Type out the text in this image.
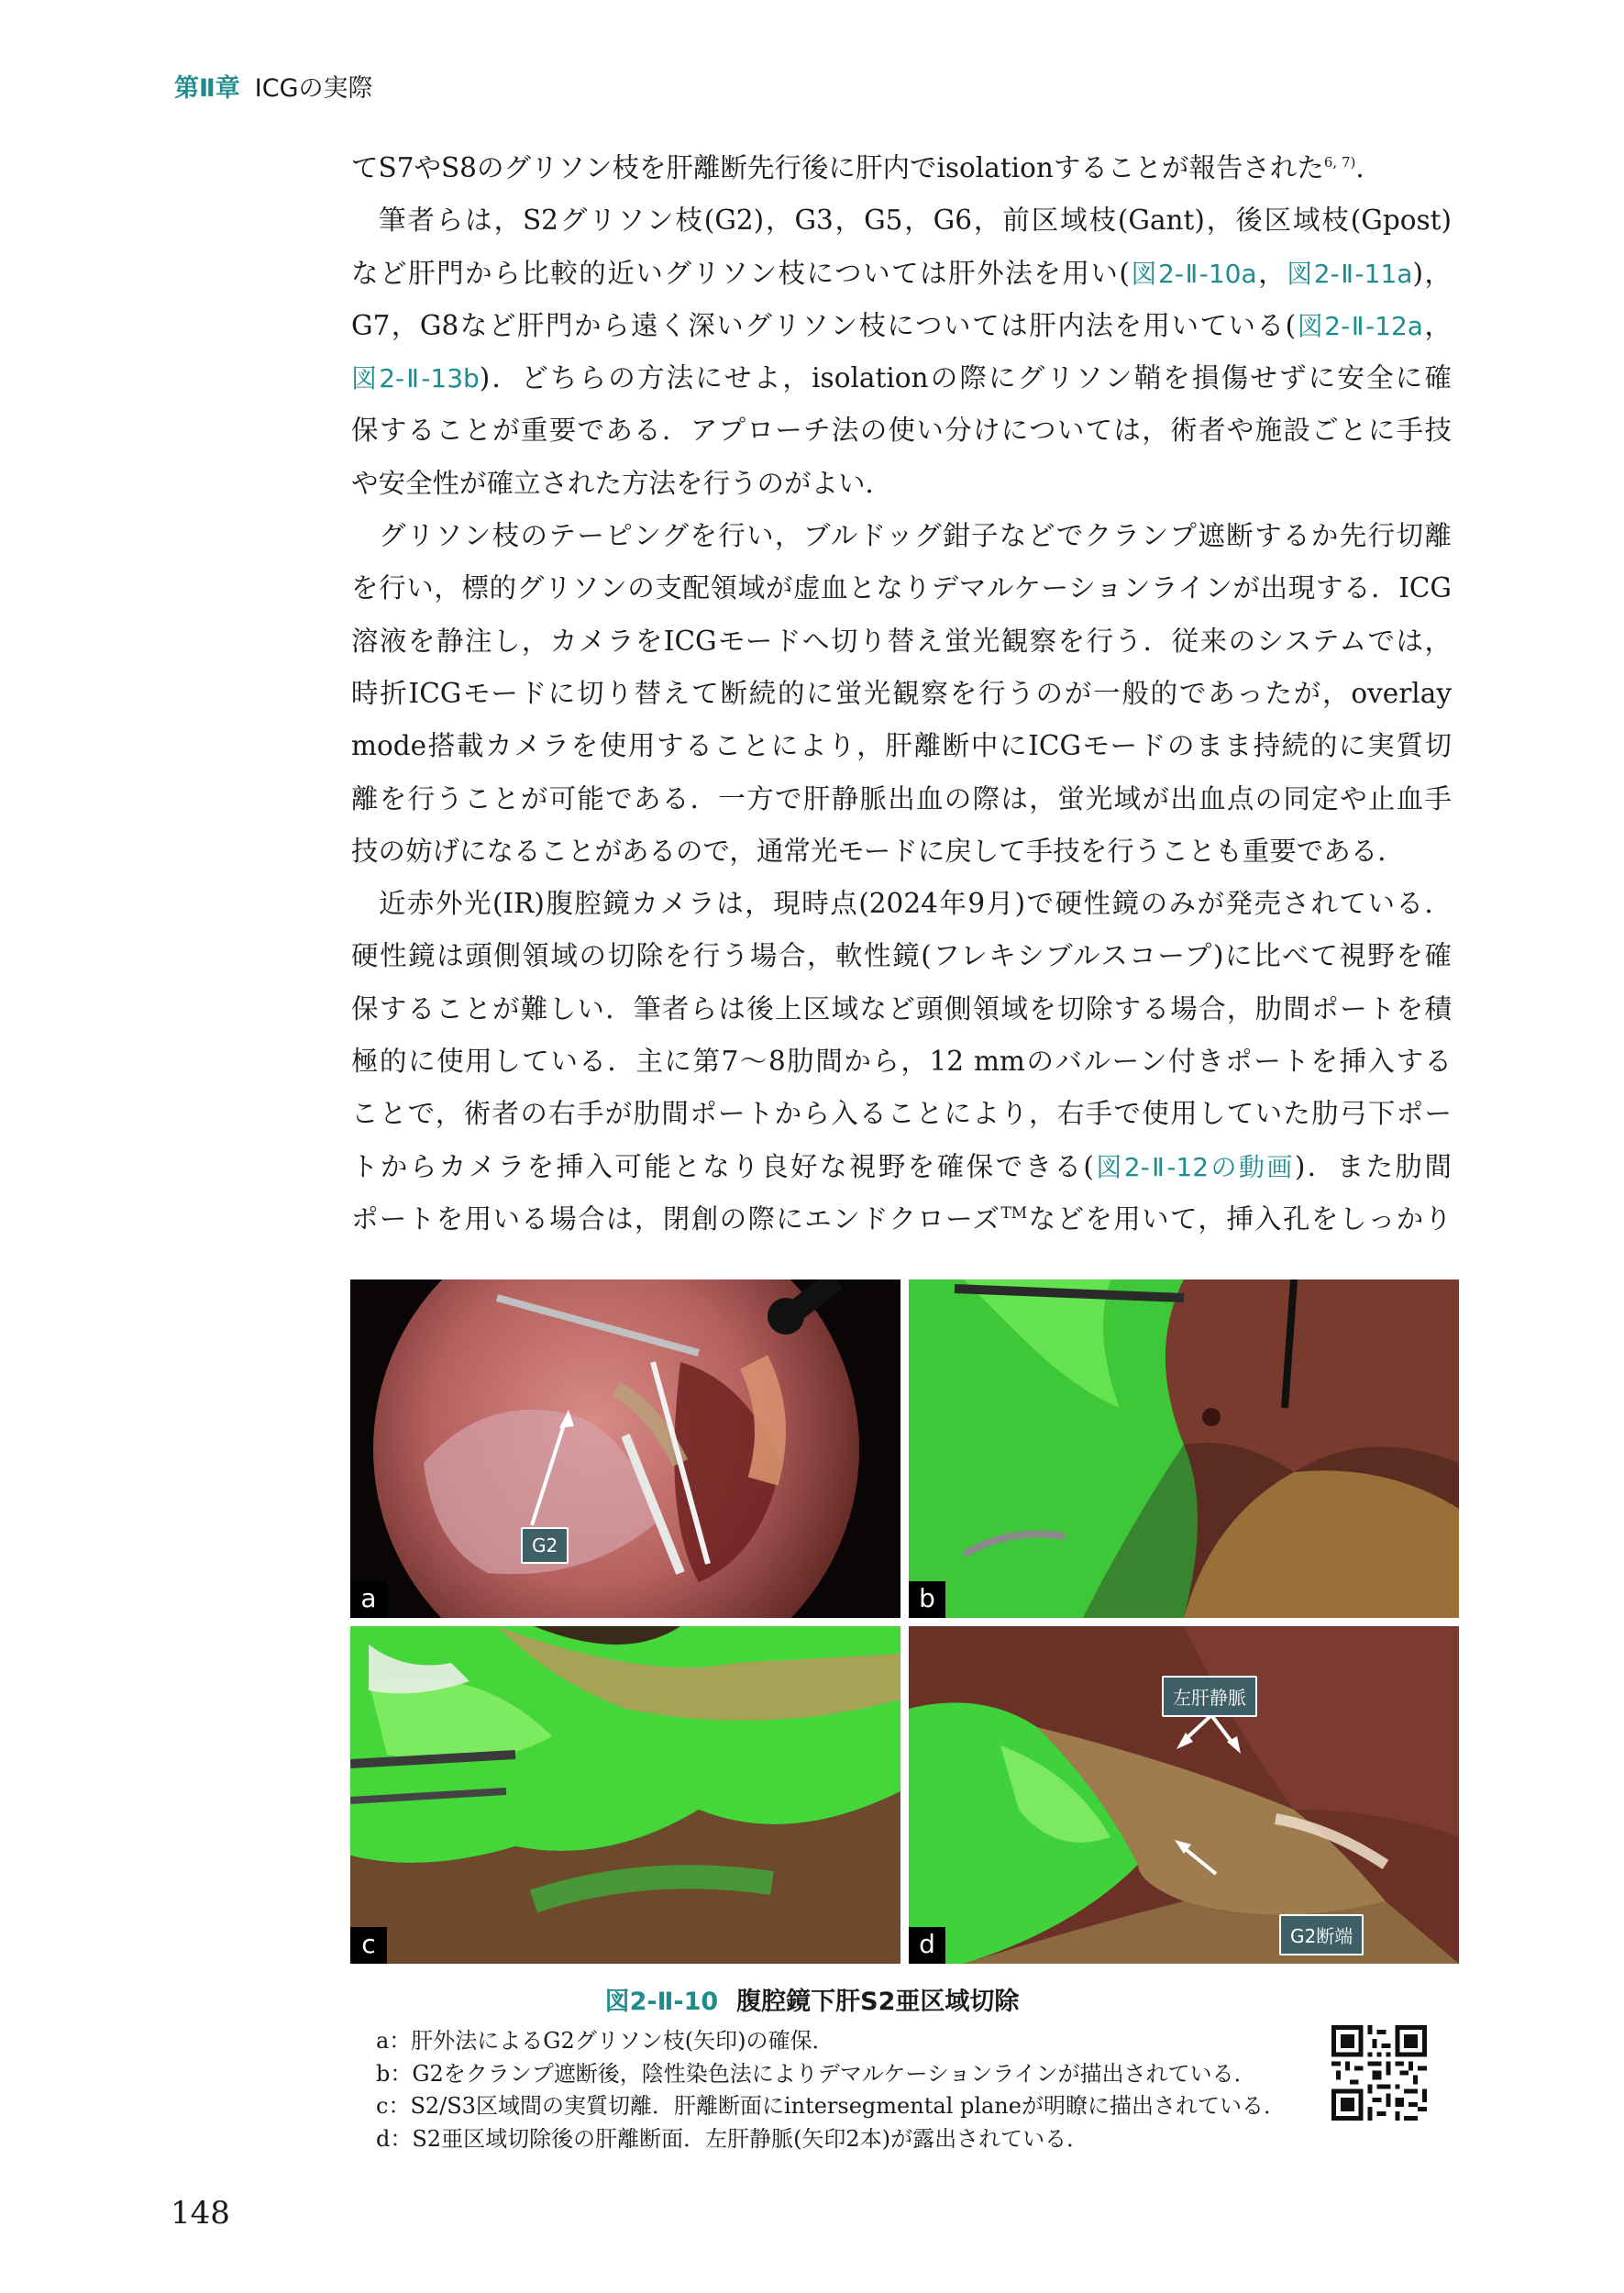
第Ⅱ章 ICGの実際

てS7やS8のグリソン枝を肝離断先行後に肝内でisolationすることが報告された$^{6, 7)}$.

筆者らは，S2グリソン枝(G2)，G3，G5，G6，前区域枝(Gant)，後区域枝(Gpost)

など肝門から比較的近いグリソン枝については肝外法を用い(図2-Ⅱ-10a，図2-Ⅱ-11a)，

G7，G8など肝門から遠く深いグリソン枝については肝内法を用いている(図2-Ⅱ-12a，

図2-Ⅱ-13b)．どちらの方法にせよ，isolationの際にグリソン鞘を損傷せずに安全に確

保することが重要である．アプローチ法の使い分けについては，術者や施設ごとに手技

や安全性が確立された方法を行うのがよい．

グリソン枝のテーピングを行い，ブルドッグ鉗子などでクランプ遮断するか先行切離

を行い，標的グリソンの支配領域が虚血となりデマルケーションラインが出現する．ICG

溶液を静注し，カメラをICGモードへ切り替え蛍光観察を行う．従来のシステムでは，

時折ICGモードに切り替えて断続的に蛍光観察を行うのが一般的であったが，overlay

mode搭載カメラを使用することにより，肝離断中にICGモードのまま持続的に実質切

離を行うことが可能である．一方で肝静脈出血の際は，蛍光域が出血点の同定や止血手

技の妨げになることがあるので，通常光モードに戻して手技を行うことも重要である．

近赤外光(IR)腹腔鏡カメラは，現時点(2024年9月)で硬性鏡のみが発売されている．

硬性鏡は頭側領域の切除を行う場合，軟性鏡(フレキシブルスコープ)に比べて視野を確

保することが難しい．筆者らは後上区域など頭側領域を切除する場合，肋間ポートを積

極的に使用している．主に第7～8肋間から，12 mmのバルーン付きポートを挿入する

ことで，術者の右手が肋間ポートから入ることにより，右手で使用していた肋弓下ポー

トからカメラを挿入可能となり良好な視野を確保できる(図2-Ⅱ-12の動画)．また肋間

ポートを用いる場合は，閉創の際にエンドクローズ™などを用いて，挿入孔をしっかり

G2
a	b
c
左肝静脈
G2断端
d
図2-Ⅱ-10 腹腔鏡下肝S2亜区域切除
a：肝外法によるG2グリソン枝(矢印)の確保．
b：G2をクランプ遮断後，陰性染色法によりデマルケーションラインが描出されている．
c：S2/S3区域間の実質切離．肝離断面にintersegmental planeが明瞭に描出されている．
d：S2亜区域切除後の肝離断面．左肝静脈(矢印2本)が露出されている．
148
